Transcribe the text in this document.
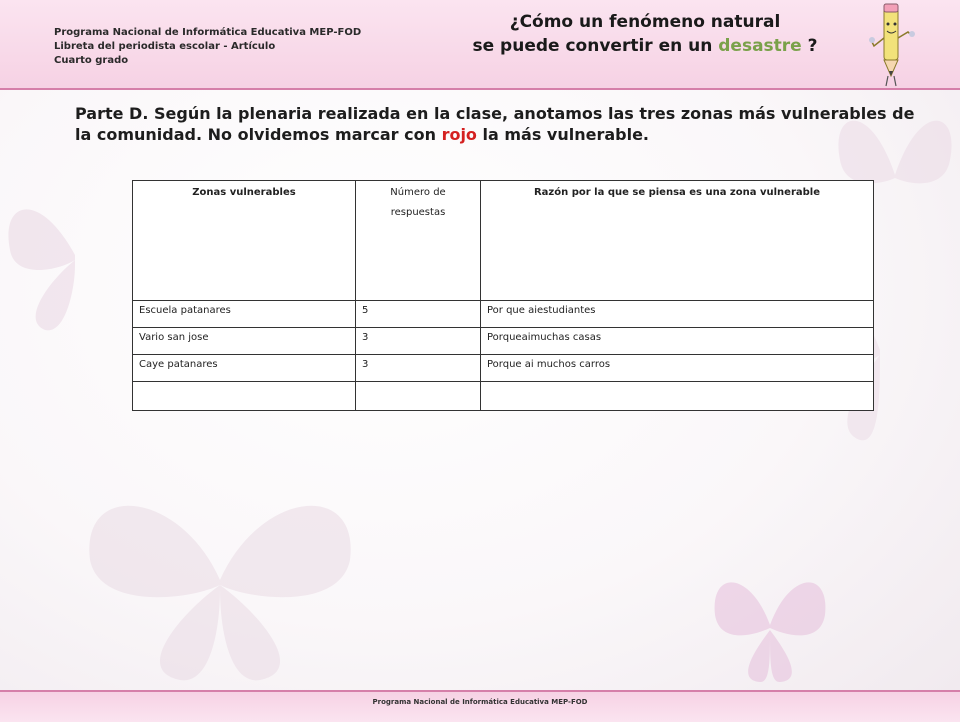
Programa Nacional de Informática Educativa MEP-FOD
Libreta del periodista escolar - Artículo
Cuarto grado
¿Cómo un fenómeno natural
se puede convertir en un desastre ?
Parte D. Según la plenaria realizada en la clase, anotamos las tres zonas más vulnerables de la comunidad. No olvidemos marcar con rojo la más vulnerable.
Zonas vulnerables	Número de respuestas	Razón por la que se piensa es una zona vulnerable
Escuela patanares	5	Por que aiestudiantes
Vario san jose	3	Porqueaimuchas casas
Caye patanares	3	Porque ai muchos carros

Programa Nacional de Informática Educativa MEP-FOD
